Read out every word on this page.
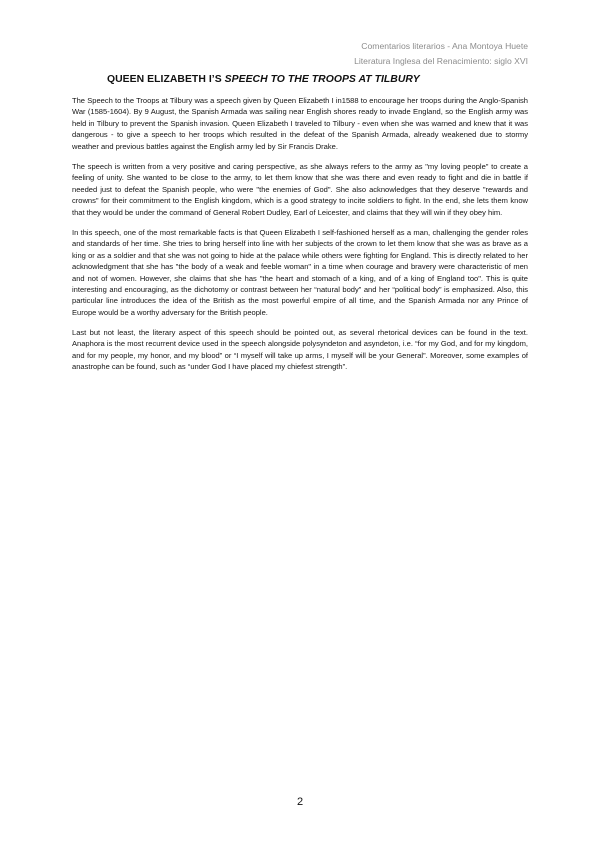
Comentarios literarios - Ana Montoya Huete
Literatura Inglesa del Renacimiento: siglo XVI
QUEEN ELIZABETH I’S SPEECH TO THE TROOPS AT TILBURY

The Speech to the Troops at Tilbury was a speech given by Queen Elizabeth I in1588 to encourage her troops during the Anglo-Spanish War (1585-1604). By 9 August, the Spanish Armada was sailing near English shores ready to invade England, so the English army was held in Tilbury to prevent the Spanish invasion. Queen Elizabeth I traveled to Tilbury - even when she was warned and knew that it was dangerous - to give a speech to her troops which resulted in the defeat of the Spanish Armada, already weakened due to stormy weather and previous battles against the English army led by Sir Francis Drake.

The speech is written from a very positive and caring perspective, as she always refers to the army as "my loving people" to create a feeling of unity. She wanted to be close to the army, to let them know that she was there and even ready to fight and die in battle if needed just to defeat the Spanish people, who were "the enemies of God". She also acknowledges that they deserve "rewards and crowns" for their commitment to the English kingdom, which is a good strategy to incite soldiers to fight. In the end, she lets them know that they would be under the command of General Robert Dudley, Earl of Leicester, and claims that they will win if they obey him.

In this speech, one of the most remarkable facts is that Queen Elizabeth I self-fashioned herself as a man, challenging the gender roles and standards of her time. She tries to bring herself into line with her subjects of the crown to let them know that she was as brave as a king or as a soldier and that she was not going to hide at the palace while others were fighting for England. This is directly related to her acknowledgment that she has "the body of a weak and feeble woman" in a time when courage and bravery were characteristic of men and not of women. However, she claims that she has "the heart and stomach of a king, and of a king of England too". This is quite interesting and encouraging, as the dichotomy or contrast between her “natural body” and her “political body” is emphasized. Also, this particular line introduces the idea of the British as the most powerful empire of all time, and the Spanish Armada nor any Prince of Europe would be a worthy adversary for the British people.

Last but not least, the literary aspect of this speech should be pointed out, as several rhetorical devices can be found in the text. Anaphora is the most recurrent device used in the speech alongside polysyndeton and asyndeton, i.e. “for my God, and for my kingdom, and for my people, my honor, and my blood” or “I myself will take up arms, I myself will be your General”. Moreover, some examples of anastrophe can be found, such as “under God I have placed my chiefest strength”.

2
